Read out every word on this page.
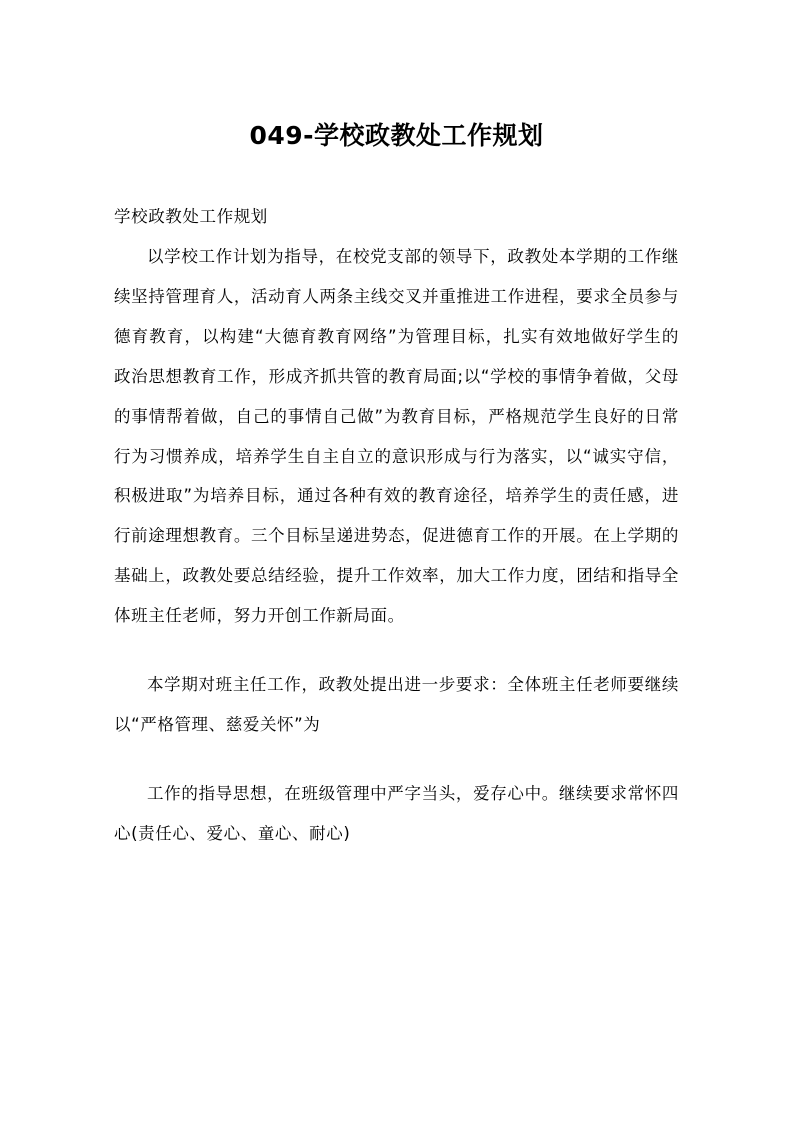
049-学校政教处工作规划

学校政教处工作规划

以学校工作计划为指导，在校党支部的领导下，政教处本学期的工作继续坚持管理育人，活动育人两条主线交叉并重推进工作进程，要求全员参与德育教育，以构建“大德育教育网络”为管理目标，扎实有效地做好学生的政治思想教育工作，形成齐抓共管的教育局面;以“学校的事情争着做，父母的事情帮着做，自己的事情自己做”为教育目标，严格规范学生良好的日常行为习惯养成，培养学生自主自立的意识形成与行为落实，以“诚实守信，积极进取”为培养目标，通过各种有效的教育途径，培养学生的责任感，进行前途理想教育。三个目标呈递进势态，促进德育工作的开展。在上学期的基础上，政教处要总结经验，提升工作效率，加大工作力度，团结和指导全体班主任老师，努力开创工作新局面。

本学期对班主任工作，政教处提出进一步要求：全体班主任老师要继续以“严格管理、慈爱关怀”为

工作的指导思想，在班级管理中严字当头，爱存心中。继续要求常怀四心(责任心、爱心、童心、耐心)
